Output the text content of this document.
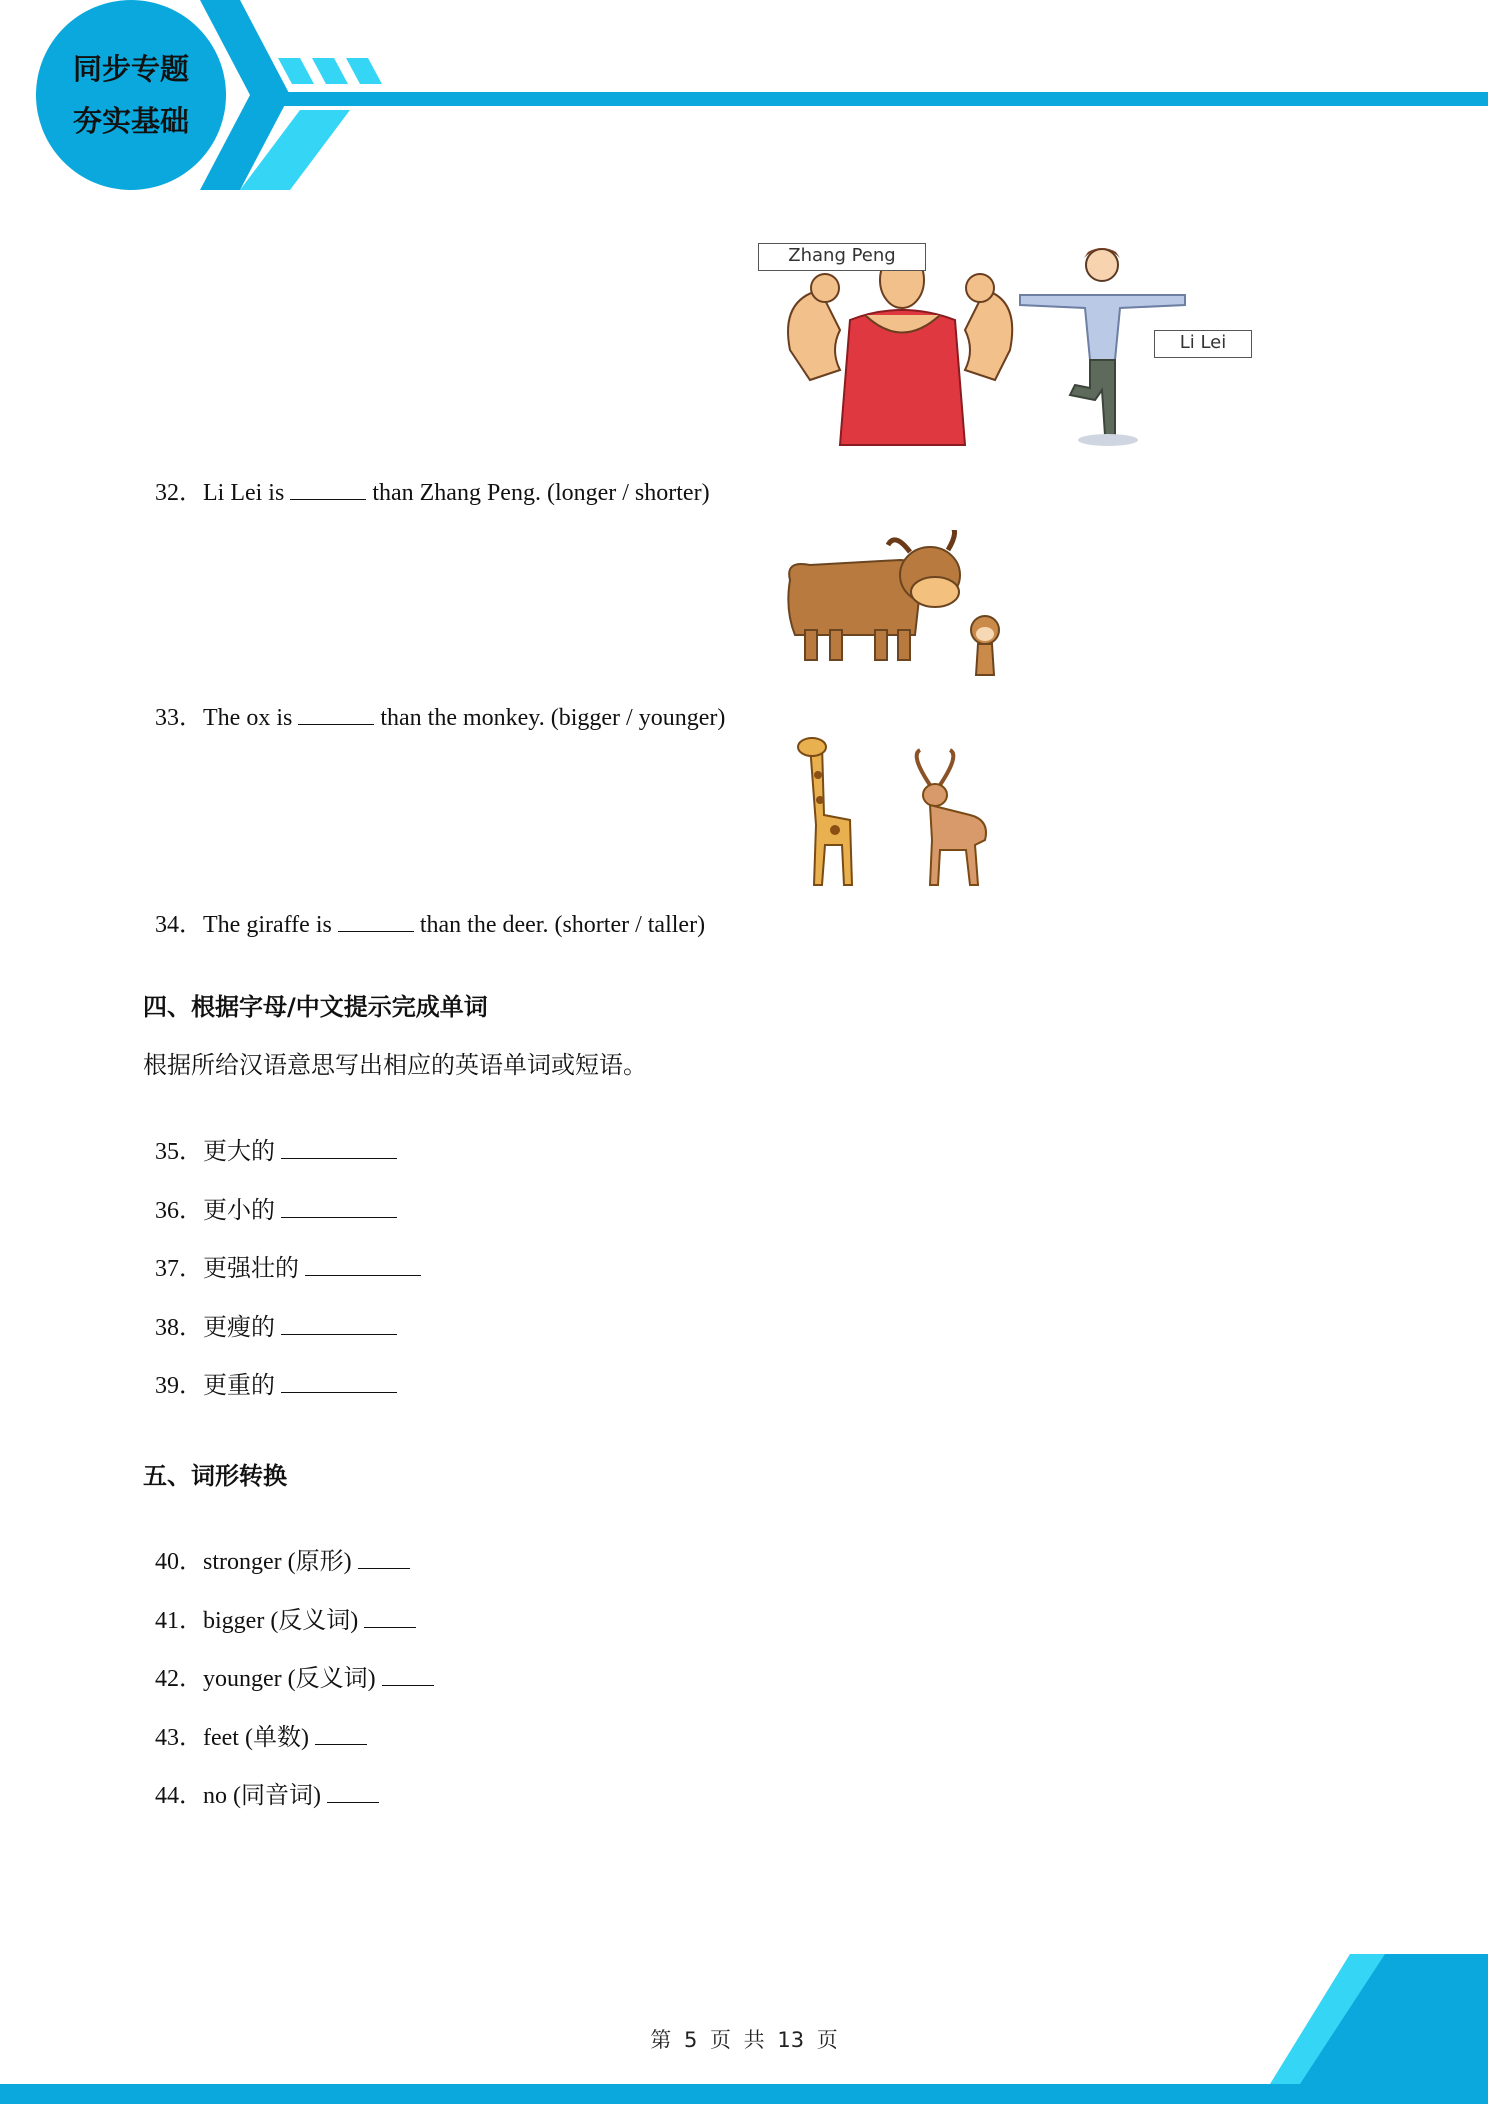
同步专题
夯实基础
Zhang Peng
Li Lei

32．Li Lei is	than Zhang Peng. (longer / shorter)

33．The ox is	than the monkey. (bigger / younger)

34．The giraffe is	than the deer. (shorter / taller)

四、根据字母/中文提示完成单词
根据所给汉语意思写出相应的英语单词或短语。

35．更大的

36．更小的

37．更强壮的

38．更瘦的

39．更重的

五、词形转换

40．stronger (原形)

41．bigger (反义词)

42．younger (反义词)

43．feet (单数)

44．no (同音词)

第 5 页 共 13 页
